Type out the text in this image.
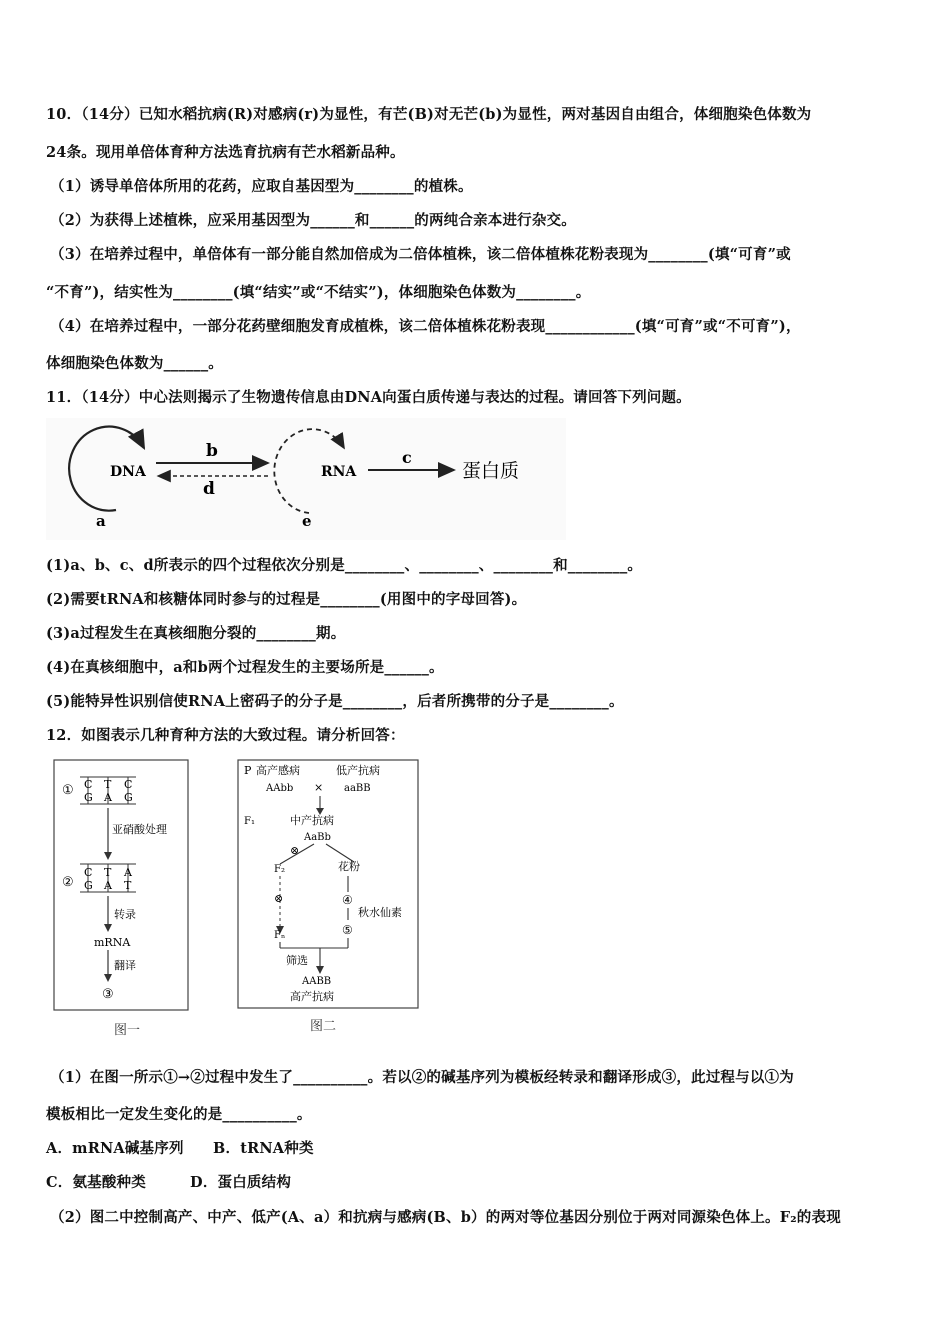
10．（14分）已知水稻抗病(R)对感病(r)为显性，有芒(B)对无芒(b)为显性，两对基因自由组合，体细胞染色体数为
24条。现用单倍体育种方法选育抗病有芒水稻新品种。
（1）诱导单倍体所用的花药，应取自基因型为________的植株。
（2）为获得上述植株，应采用基因型为______和______的两纯合亲本进行杂交。
（3）在培养过程中，单倍体有一部分能自然加倍成为二倍体植株，该二倍体植株花粉表现为________(填“可育”或
“不育”)，结实性为________(填“结实”或“不结实”)，体细胞染色体数为________。
（4）在培养过程中，一部分花药壁细胞发育成植株，该二倍体植株花粉表现____________(填“可育”或“不可育”)，
体细胞染色体数为______。
11．（14分）中心法则揭示了生物遗传信息由DNA向蛋白质传递与表达的过程。请回答下列问题。
DNA
a
b
d
RNA
e
c
蛋白质
(1)a、b、c、d所表示的四个过程依次分别是________、________、________和________。
(2)需要tRNA和核糖体同时参与的过程是________(用图中的字母回答)。
(3)a过程发生在真核细胞分裂的________期。
(4)在真核细胞中，a和b两个过程发生的主要场所是______。
(5)能特异性识别信使RNA上密码子的分子是________，后者所携带的分子是________。
12．如图表示几种育种方法的大致过程。请分析回答：
① C T C
G A G
亚硝酸处理
②
C T A
G A T
转录
mRNA
翻译
③
图一
P 高产感病	低产抗病
AAbb × aaBB
F₁	中产抗病
AaBb
⊗
花粉
F₂
⊗	④
秋水仙素
⑤
Fₙ
筛选
AABB
高产抗病
图二
（1）在图一所示①→②过程中发生了__________。若以②的碱基序列为模板经转录和翻译形成③，此过程与以①为
模板相比一定发生变化的是__________。
A．mRNA碱基序列　　B．tRNA种类
C．氨基酸种类　　　D．蛋白质结构
（2）图二中控制高产、中产、低产(A、a）和抗病与感病(B、b）的两对等位基因分别位于两对同源染色体上。F₂的表现
